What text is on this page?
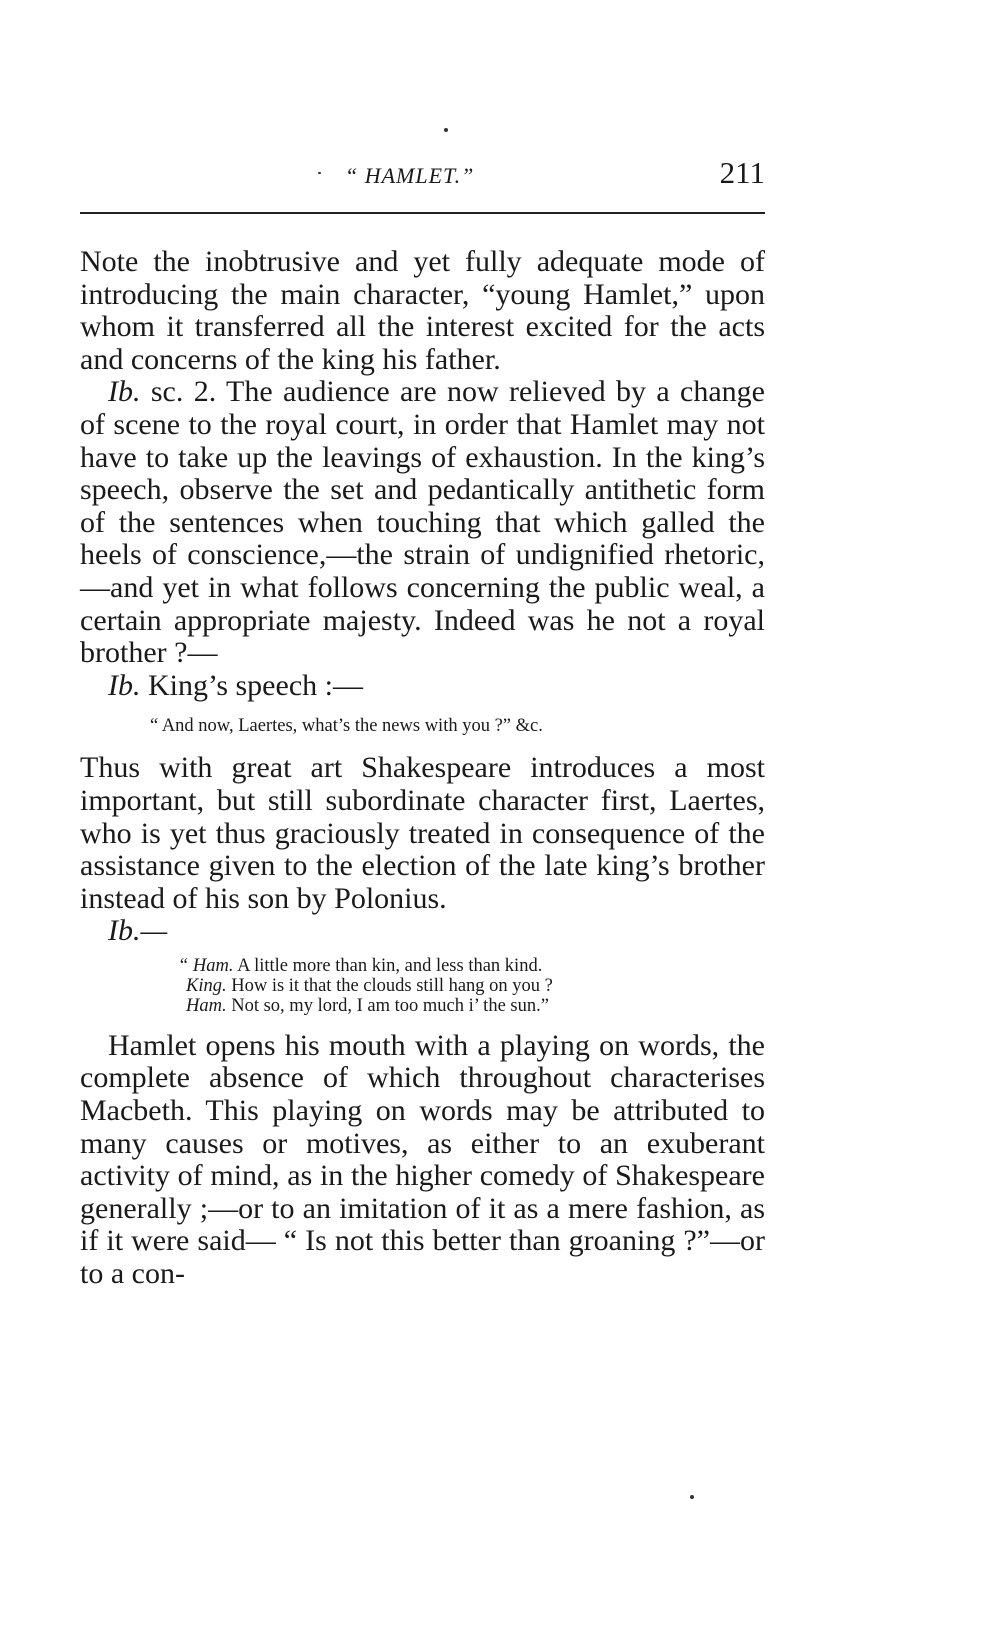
“ HAMLET.”	211

Note the inobtrusive and yet fully adequate mode of introducing the main character, “young Hamlet,” upon whom it transferred all the interest excited for the acts and concerns of the king his father.

Ib. sc. 2. The audience are now relieved by a change of scene to the royal court, in order that Hamlet may not have to take up the leavings of exhaustion. In the king’s speech, observe the set and pedantically antithetic form of the sentences when touching that which galled the heels of conscience,—the strain of undignified rhetoric,—and yet in what follows concerning the public weal, a certain appropriate majesty. Indeed was he not a royal brother ?—

Ib. King’s speech :—

“ And now, Laertes, what’s the news with you ?” &c.

Thus with great art Shakespeare introduces a most important, but still subordinate character first, Laertes, who is yet thus graciously treated in consequence of the assistance given to the election of the late king’s brother instead of his son by Polonius.

Ib.—

“ Ham. A little more than kin, and less than kind.
King. How is it that the clouds still hang on you ?
Ham. Not so, my lord, I am too much i’ the sun.”

Hamlet opens his mouth with a playing on words, the complete absence of which throughout characterises Macbeth. This playing on words may be attributed to many causes or motives, as either to an exuberant activity of mind, as in the higher comedy of Shakespeare generally ;—or to an imitation of it as a mere fashion, as if it were said— “ Is not this better than groaning ?”—or to a con-
